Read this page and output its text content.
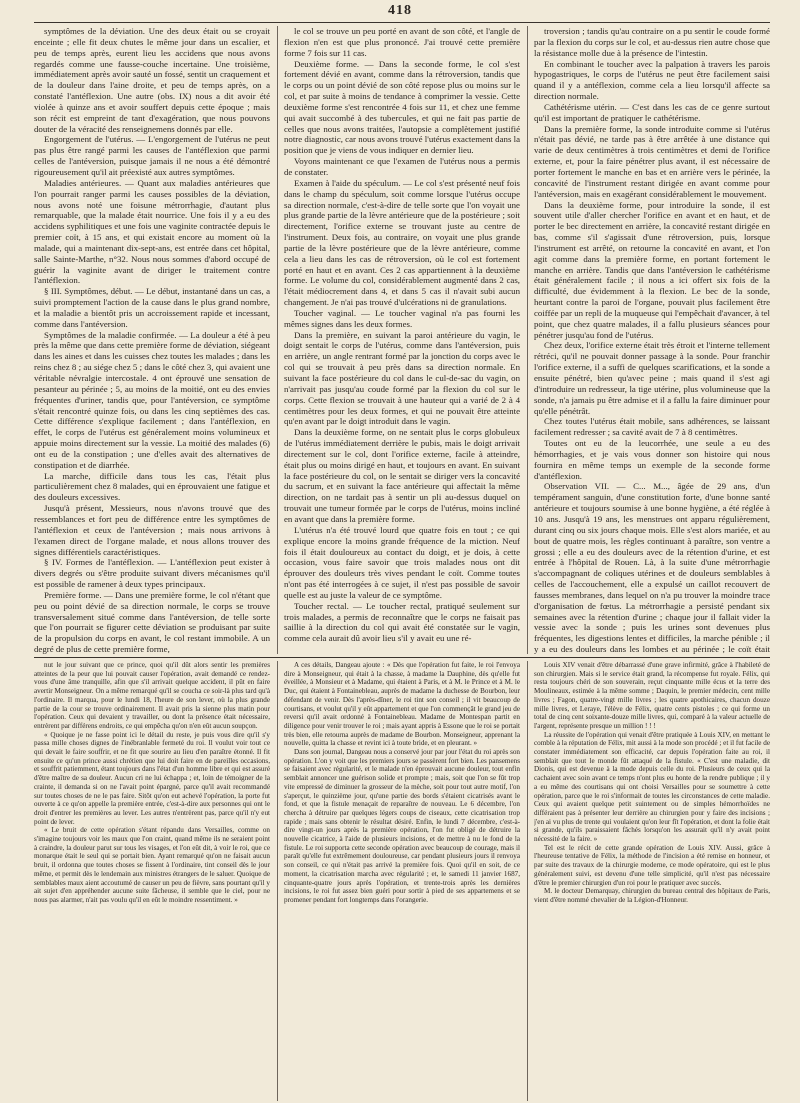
418

symptômes de la déviation. Une des deux était ou se croyait enceinte ; elle fit deux chutes le même jour dans un escalier, et peu de temps après, eurent lieu les accidens que nous avons regardés comme une fausse-couche incertaine. Une troisième, immédiatement après avoir sauté un fossé, sentit un craquement et de la douleur dans l'aine droite, et peu de temps après, on a constaté l'antéflexion. Une autre (obs. IX) nous a dit avoir été violée à quinze ans et avoir souffert depuis cette époque ; mais son récit est empreint de tant d'exagération, que nous pouvons douter de la véracité des renseignemens donnés par elle.

Engorgement de l'utérus. — L'engorgement de l'utérus ne peut pas plus être rangé parmi les causes de l'antéflexion que parmi celles de l'antéversion, puisque jamais il ne nous a été démontré rigoureusement qu'il ait préexisté aux autres symptômes.

Maladies antérieures. — Quant aux maladies antérieures que l'on pourrait ranger parmi les causes possibles de la déviation, nous avons noté une foisune métrorrhagie, d'autant plus remarquable, que la malade était nourrice. Une fois il y a eu des accidens syphilitiques et une fois une vaginite contractée depuis le premier coït, à 15 ans, et qui existait encore au moment où la malade, qui a maintenant dix-sept-ans, est entrée dans cet hôpital, salle Sainte-Marthe, n°32. Nous nous sommes d'abord occupé de guérir la vaginite avant de diriger le traitement contre l'antéflexion.

§ III. Symptômes, début. — Le début, instantané dans un cas, a suivi promptement l'action de la cause dans le plus grand nombre, et la maladie a bientôt pris un accroissement rapide et incessant, comme dans l'antéversion.

Symptômes de la maladie confirmée. — La douleur a été à peu près la même que dans cette première forme de déviation, siégeant dans les aines et dans les cuisses chez toutes les malades ; dans les reins chez 8 ; au siége chez 5 ; dans le côté chez 3, qui avaient une véritable névralgie intercostale. 4 ont éprouvé une sensation de pesanteur au périnée ; 5, au moins de la moitié, ont eu des envies fréquentes d'uriner, tandis que, pour l'antéversion, ce symptôme s'était rencontré quinze fois, ou dans les cinq septièmes des cas. Cette différence s'explique facilement ; dans l'antéflexion, en effet, le corps de l'utérus est généralement moins volumineux et appuie moins directement sur la vessie. La moitié des malades (6) ont eu de la constipation ; une d'elles avait des alternatives de constipation et de diarrhée.

La marche, difficile dans tous les cas, l'était plus particulièrement chez 8 malades, qui en éprouvaient une fatigue et des douleurs excessives.

Jusqu'à présent, Messieurs, nous n'avons trouvé que des ressemblances et fort peu de différence entre les symptômes de l'antéflexion et ceux de l'antéversion ; mais nous arrivons à l'examen direct de l'organe malade, et nous allons trouver des signes différentiels caractéristiques.

§ IV. Formes de l'antéflexion. — L'antéflexion peut exister à divers degrés ou s'être produite suivant divers mécanismes qu'il est possible de ramener à deux types principaux.

Première forme. — Dans une première forme, le col n'étant que peu ou point dévié de sa direction normale, le corps se trouve transversalement situé comme dans l'antéversion, de telle sorte que l'on pourrait se figurer cette déviation se produisant par suite de la propulsion du corps en avant, le col restant immobile. A un degré de plus de cette première forme,

le col se trouve un peu porté en avant de son côté, et l'angle de flexion n'en est que plus prononcé. J'ai trouvé cette première forme 7 fois sur 11 cas.

Deuxième forme. — Dans la seconde forme, le col s'est fortement dévié en avant, comme dans la rétroversion, tandis que le corps ou un point dévié de son côté repose plus ou moins sur le col, et par suite à moins de tendance à comprimer la vessie. Cette deuxième forme s'est rencontrée 4 fois sur 11, et chez une femme qui avait succombé à des tubercules, et qui ne fait pas partie de celles que nous avons traitées, l'autopsie a complètement justifié notre diagnostic, car nous avons trouvé l'utérus exactement dans la position que je viens de vous indiquer en dernier lieu.

Voyons maintenant ce que l'examen de l'utérus nous a permis de constater.

Examen à l'aide du spéculum. — Le col s'est présenté neuf fois dans le champ du spéculum, soit comme lorsque l'utérus occupe sa direction normale, c'est-à-dire de telle sorte que l'on voyait une plus grande partie de la lèvre antérieure que de la postérieure ; soit directement, l'orifice externe se trouvant juste au centre de l'instrument. Deux fois, au contraire, on voyait une plus grande partie de la lèvre postérieure que de la lèvre antérieure, comme cela a lieu dans les cas de rétroversion, où le col est fortement porté en haut et en avant. Ces 2 cas appartiennent à la deuxième forme. Le volume du col, considérablement augmenté dans 2 cas, l'était médiocrement dans 4, et dans 5 cas il n'avait subi aucun changement. Je n'ai pas trouvé d'ulcérations ni de granulations.

Toucher vaginal. — Le toucher vaginal n'a pas fourni les mêmes signes dans les deux formes.

Dans la première, en suivant la paroi antérieure du vagin, le doigt sentait le corps de l'utérus, comme dans l'antéversion, puis en arrière, un angle rentrant formé par la jonction du corps avec le col qui se trouvait à peu près dans sa direction normale. En suivant la face postérieure du col dans le cul-de-sac du vagin, on n'arrivait pas jusqu'au coude formé par la flexion du col sur le corps. Cette flexion se trouvait à une hauteur qui a varié de 2 à 4 centimètres pour les deux formes, et qui ne pouvait être atteinte qu'en avant par le doigt introduit dans le vagin.

Dans la deuxième forme, on ne sentait plus le corps globuleux de l'utérus immédiatement derrière le pubis, mais le doigt arrivait directement sur le col, dont l'orifice externe, facile à atteindre, était plus ou moins dirigé en haut, et toujours en avant. En suivant la face postérieure du col, on le sentait se diriger vers la concavité du sacrum, et en suivant la face antérieure qui affectait la même direction, on ne tardait pas à sentir un pli au-dessus duquel on trouvait une tumeur formée par le corps de l'utérus, moins incliné en avant que dans la première forme.

L'utérus n'a été trouvé lourd que quatre fois en tout ; ce qui explique encore la moins grande fréquence de la miction. Neuf fois il était douloureux au contact du doigt, et je dois, à cette occasion, vous faire savoir que trois malades nous ont dit éprouver des douleurs très vives pendant le coït. Comme toutes n'ont pas été interrogées à ce sujet, il n'est pas possible de savoir quelle est au juste la valeur de ce symptôme.

Toucher rectal. — Le toucher rectal, pratiqué seulement sur trois malades, a permis de reconnaître que le corps ne faisait pas saillie à la direction du col qui avait été constatée sur le vagin, comme cela aurait dû avoir lieu s'il y avait eu une ré-

troversion ; tandis qu'au contraire on a pu sentir le coude formé par la flexion du corps sur le col, et au-dessus rien autre chose que la résistance molle due à la présence de l'intestin.

En combinant le toucher avec la palpation à travers les parois hypogastriques, le corps de l'utérus ne peut être facilement saisi quand il y a antéflexion, comme cela a lieu lorsqu'il affecte sa direction normale.

Cathétérisme utérin. — C'est dans les cas de ce genre surtout qu'il est important de pratiquer le cathétérisme.

Dans la première forme, la sonde introduite comme si l'utérus n'était pas dévié, ne tarde pas à être arrêtée à une distance qui varie de deux centimètres à trois centimètres et demi de l'orifice externe, et, pour la faire pénétrer plus avant, il est nécessaire de porter fortement le manche en bas et en arrière vers le périnée, la concavité de l'instrument restant dirigée en avant comme pour l'antéversion, mais en exagérant considérablement le mouvement.

Dans la deuxième forme, pour introduire la sonde, il est souvent utile d'aller chercher l'orifice en avant et en haut, et de porter le bec directement en arrière, la concavité restant dirigée en bas, comme s'il s'agissait d'une rétroversion, puis, lorsque l'instrument est arrêté, on retourne la concavité en avant, et l'on agit comme dans la première forme, en portant fortement le manche en arrière. Tandis que dans l'antéversion le cathétérisme était généralement facile ; il nous a ici offert six fois de la difficulté, due évidemment à la flexion. Le bec de la sonde, heurtant contre la paroi de l'organe, pouvait plus facilement être coiffée par un repli de la muqueuse qui l'empêchait d'avancer, à tel point, que chez quatre malades, il a fallu plusieurs séances pour pénétrer jusqu'au fond de l'utérus.

Chez deux, l'orifice externe était très étroit et l'interne tellement rétréci, qu'il ne pouvait donner passage à la sonde. Pour franchir l'orifice externe, il a suffi de quelques scarifications, et la sonde a ensuite pénétré, bien qu'avec peine ; mais quand il s'est agi d'introduire un redresseur, la tige utérine, plus volumineuse que la sonde, n'a jamais pu être admise et il a fallu la faire diminuer pour qu'elle pénétrât.

Chez toutes l'utérus était mobile, sans adhérences, se laissant facilement redresser ; sa cavité avait de 7 à 8 centimètres.

Toutes ont eu de la leucorrhée, une seule a eu des hémorrhagies, et je vais vous donner son histoire qui nous fournira en même temps un exemple de la seconde forme d'antéflexion.

Observation VII. — C... M..., âgée de 29 ans, d'un tempérament sanguin, d'une constitution forte, d'une bonne santé antérieure et toujours soumise à une bonne hygiène, a été réglée à 10 ans. Jusqu'à 19 ans, les menstrues ont apparu régulièrement, durant cinq ou six jours chaque mois. Elle s'est alors mariée, et au bout de quatre mois, les règles continuant à paraître, son ventre a grossi ; elle a eu des douleurs avec de la rétention d'urine, et est entrée à l'hôpital de Rouen. Là, à la suite d'une métrorrhagie s'accompagnant de coliques utérines et de douleurs semblables à celles de l'accouchement, elle a expulsé un caillot recouvert de fausses membranes, dans lequel on n'a pu trouver la moindre trace d'organisation de fœtus. La métrorrhagie a persisté pendant six semaines avec la rétention d'urine ; chaque jour il fallait vider la vessie avec la sonde ; puis les urines sont devenues plus fréquentes, les digestions lentes et difficiles, la marche pénible ; il y a eu des douleurs dans les lombes et au périnée ; le coït était

nut le jour suivant que ce prince, quoi qu'il dût alors sentir les premières atteintes de la peur que lui pouvait causer l'opération, avait demandé ce rendez-vous d'une âme tranquille, afin que s'il arrivait quelque accident, il pût en faire avertir Monseigneur. On a même remarqué qu'il se coucha ce soir-là plus tard qu'à l'ordinaire. Il marqua, pour le lundi 18, l'heure de son lever, où la plus grande partie de la cour se trouve ordinairement. Il avait pris la sienne plus matin pour l'opération. Ceux qui devaient y travailler, ou dont la présence était nécessaire, entrèrent par différens endroits, ce qui empêcha qu'on n'en eût aucun soupçon.

« Quoique je ne fasse point ici le détail du reste, je puis vous dire qu'il s'y passa mille choses dignes de l'inébranlable fermeté du roi. Il voulut voir tout ce qui devait le faire souffrir, et ne fit que sourire au lieu d'en paraître étonné. Il fit ensuite ce qu'un prince aussi chrétien que lui doit faire en de pareilles occasions, et souffrit patiemment, étant toujours dans l'état d'un homme libre et qui est assuré d'être maître de sa douleur. Aucun cri ne lui échappa ; et, loin de témoigner de la crainte, il demanda si on ne l'avait point épargné, parce qu'il avait recommandé sur toutes choses de ne le pas faire. Sitôt qu'on eut achevé l'opération, la porte fut ouverte à ce qu'on appelle la première entrée, c'est-à-dire aux personnes qui ont le droit d'entrer les premières au lever. Les autres n'entrèrent pas, parce qu'il n'y eut point de lever.

« Le bruit de cette opération s'étant répandu dans Versailles, comme on s'imagine toujours voir les maux que l'on craint, quand même ils ne seraient point à craindre, la douleur parut sur tous les visages, et l'on eût dit, à voir le roi, que ce monarque était le seul qui se portait bien. Ayant remarqué qu'on ne faisait aucun bruit, il ordonna que toutes choses se fissent à l'ordinaire, tint conseil dès le jour même, et permit dès le lendemain aux ministres étrangers de le saluer. Quoique de semblables maux aient accoutumé de causer un peu de fièvre, sans pourtant qu'il y ait sujet d'en appréhender aucune suite fâcheuse, il semble que le ciel, pour ne nous pas alarmer, n'ait pas voulu qu'il en eût le moindre ressentiment. »

A ces détails, Dangeau ajoute : « Dès que l'opération fut faite, le roi l'envoya dire à Monseigneur, qui était à la chasse, à madame la Dauphine, dès qu'elle fut éveillée, à Monsieur et à Madame, qui étaient à Paris, et à M. le Prince et à M. le Duc, qui étaient à Fontainebleau, auprès de madame la duchesse de Bourbon, leur défendant de venir. Dès l'après-dîner, le roi tint son conseil ; il vit beaucoup de courtisans, et voulut qu'il y eût appartement et que l'on commençât le grand jeu de reversi qu'il avait ordonné à Fontainebleau. Madame de Montespan partit en diligence pour venir trouver le roi ; mais ayant appris à Essone que le roi se portait très bien, elle retourna auprès de madame de Bourbon. Monseigneur, apprenant la nouvelle, quitta la chasse et revint ici à toute bride, et en pleurant. »

Dans son journal, Dangeau nous a conservé jour par jour l'état du roi après son opération. L'on y voit que les premiers jours se passèrent fort bien. Les pansemens se faisaient avec régularité, et le malade n'en éprouvait aucune douleur, tout enfin semblait annoncer une guérison solide et prompte ; mais, soit que l'on se fût trop vite empressé de diminuer la grosseur de la mèche, soit pour tout autre motif, l'on s'aperçut, le quinzième jour, qu'une partie des bords s'étaient cicatrisés avant le fond, et que la fistule menaçait de reparaître de nouveau. Le 6 décembre, l'on chercha à détruire par quelques légers coups de ciseaux, cette cicatrisation trop rapide ; mais sans obtenir le résultat désiré. Enfin, le lundi 7 décembre, c'est-à-dire vingt-un jours après la première opération, l'on fut obligé de détruire la nouvelle cicatrice, à l'aide de plusieurs incisions, et de mettre à nu le fond de la fistule. Le roi supporta cette seconde opération avec beaucoup de courage, mais il paraît qu'elle fut extrêmement douloureuse, car pendant plusieurs jours il renvoya son conseil, ce qui n'était pas arrivé la première fois. Quoi qu'il en soit, de ce moment, la cicatrisation marcha avec régularité ; et, le samedi 11 janvier 1687, cinquante-quatre jours après l'opération, et trente-trois après les dernières incisions, le roi fut assez bien guéri pour sortir à pied de ses appartemens et se promener pendant fort longtemps dans l'orangerie.

Louis XIV venait d'être débarrassé d'une grave infirmité, grâce à l'habileté de son chirurgien. Mais si le service était grand, la récompense fut royale. Félix, qui resta toujours chéri de son souverain, reçut cinquante mille écus et la terre des Moulineaux, estimée à la même somme ; Daquin, le premier médecin, cent mille livres ; Fagon, quatre-vingt mille livres ; les quatre apothicaires, chacun douze mille livres, et Leraye, l'élève de Félix, quatre cents pistoles ; ce qui forme un total de cinq cent soixante-douze mille livres, qui, comparé à la valeur actuelle de l'argent, représente presque un million ! ! !

La réussite de l'opération qui venait d'être pratiquée à Louis XIV, en mettant le comble à la réputation de Félix, mit aussi à la mode son procédé ; et il fut facile de constater immédiatement son efficacité, car depuis l'opération faite au roi, il semblait que tout le monde fût attaqué de la fistule. « C'est une maladie, dit Dionis, qui est devenue à la mode depuis celle du roi. Plusieurs de ceux qui la cachaient avec soin avant ce temps n'ont plus eu honte de la rendre publique ; il y a eu même des courtisans qui ont choisi Versailles pour se soumettre à cette opération, parce que le roi s'informait de toutes les circonstances de cette maladie. Ceux qui avaient quelque petit suintement ou de simples hémorrhoïdes ne différaient pas à présenter leur derrière au chirurgien pour y faire des incisions ; j'en ai vu plus de trente qui voulaient qu'on leur fît l'opération, et dont la folie était si grande, qu'ils paraissaient fâchés lorsqu'on les assurait qu'il n'y avait point nécessité de la faire. »

Tel est le récit de cette grande opération de Louis XIV. Aussi, grâce à l'heureuse tentative de Félix, la méthode de l'incision a été remise en honneur, et par suite des travaux de la chirurgie moderne, ce mode opératoire, qui est le plus généralement suivi, est devenu d'une telle simplicité, qu'il n'est pas nécessaire d'être le premier chirurgien d'un roi pour le pratiquer avec succès.

M. le docteur Demarquay, chirurgien du bureau central des hôpitaux de Paris, vient d'être nommé chevalier de la Légion-d'Honneur.
